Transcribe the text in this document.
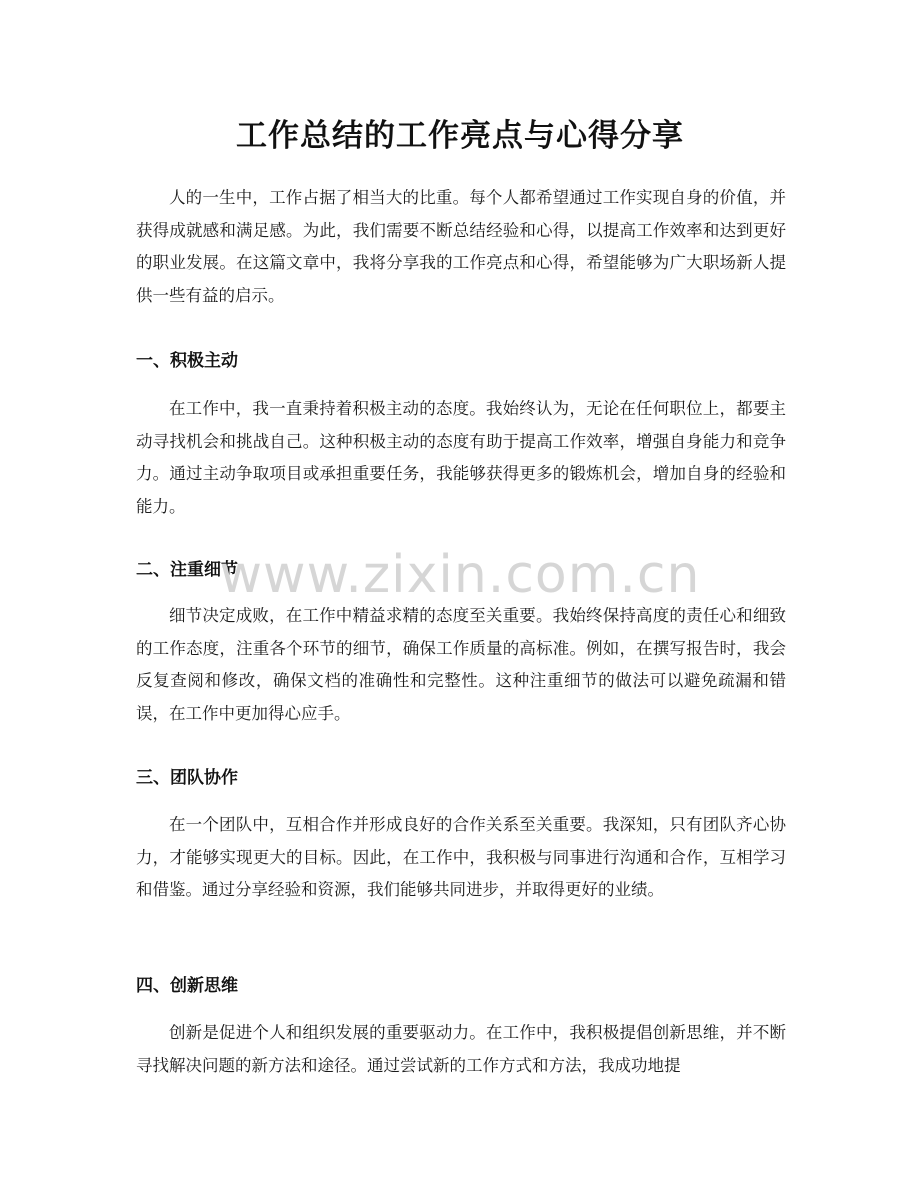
工作总结的工作亮点与心得分享

人的一生中，工作占据了相当大的比重。每个人都希望通过工作实现自身的价值，并获得成就感和满足感。为此，我们需要不断总结经验和心得，以提高工作效率和达到更好的职业发展。在这篇文章中，我将分享我的工作亮点和心得，希望能够为广大职场新人提供一些有益的启示。

一、积极主动

在工作中，我一直秉持着积极主动的态度。我始终认为，无论在任何职位上，都要主动寻找机会和挑战自己。这种积极主动的态度有助于提高工作效率，增强自身能力和竞争力。通过主动争取项目或承担重要任务，我能够获得更多的锻炼机会，增加自身的经验和能力。

二、注重细节

细节决定成败，在工作中精益求精的态度至关重要。我始终保持高度的责任心和细致的工作态度，注重各个环节的细节，确保工作质量的高标准。例如，在撰写报告时，我会反复查阅和修改，确保文档的准确性和完整性。这种注重细节的做法可以避免疏漏和错误，在工作中更加得心应手。

三、团队协作

在一个团队中，互相合作并形成良好的合作关系至关重要。我深知，只有团队齐心协力，才能够实现更大的目标。因此，在工作中，我积极与同事进行沟通和合作，互相学习和借鉴。通过分享经验和资源，我们能够共同进步，并取得更好的业绩。

四、创新思维

创新是促进个人和组织发展的重要驱动力。在工作中，我积极提倡创新思维，并不断寻找解决问题的新方法和途径。通过尝试新的工作方式和方法，我成功地提

www.zixin.com.cn
